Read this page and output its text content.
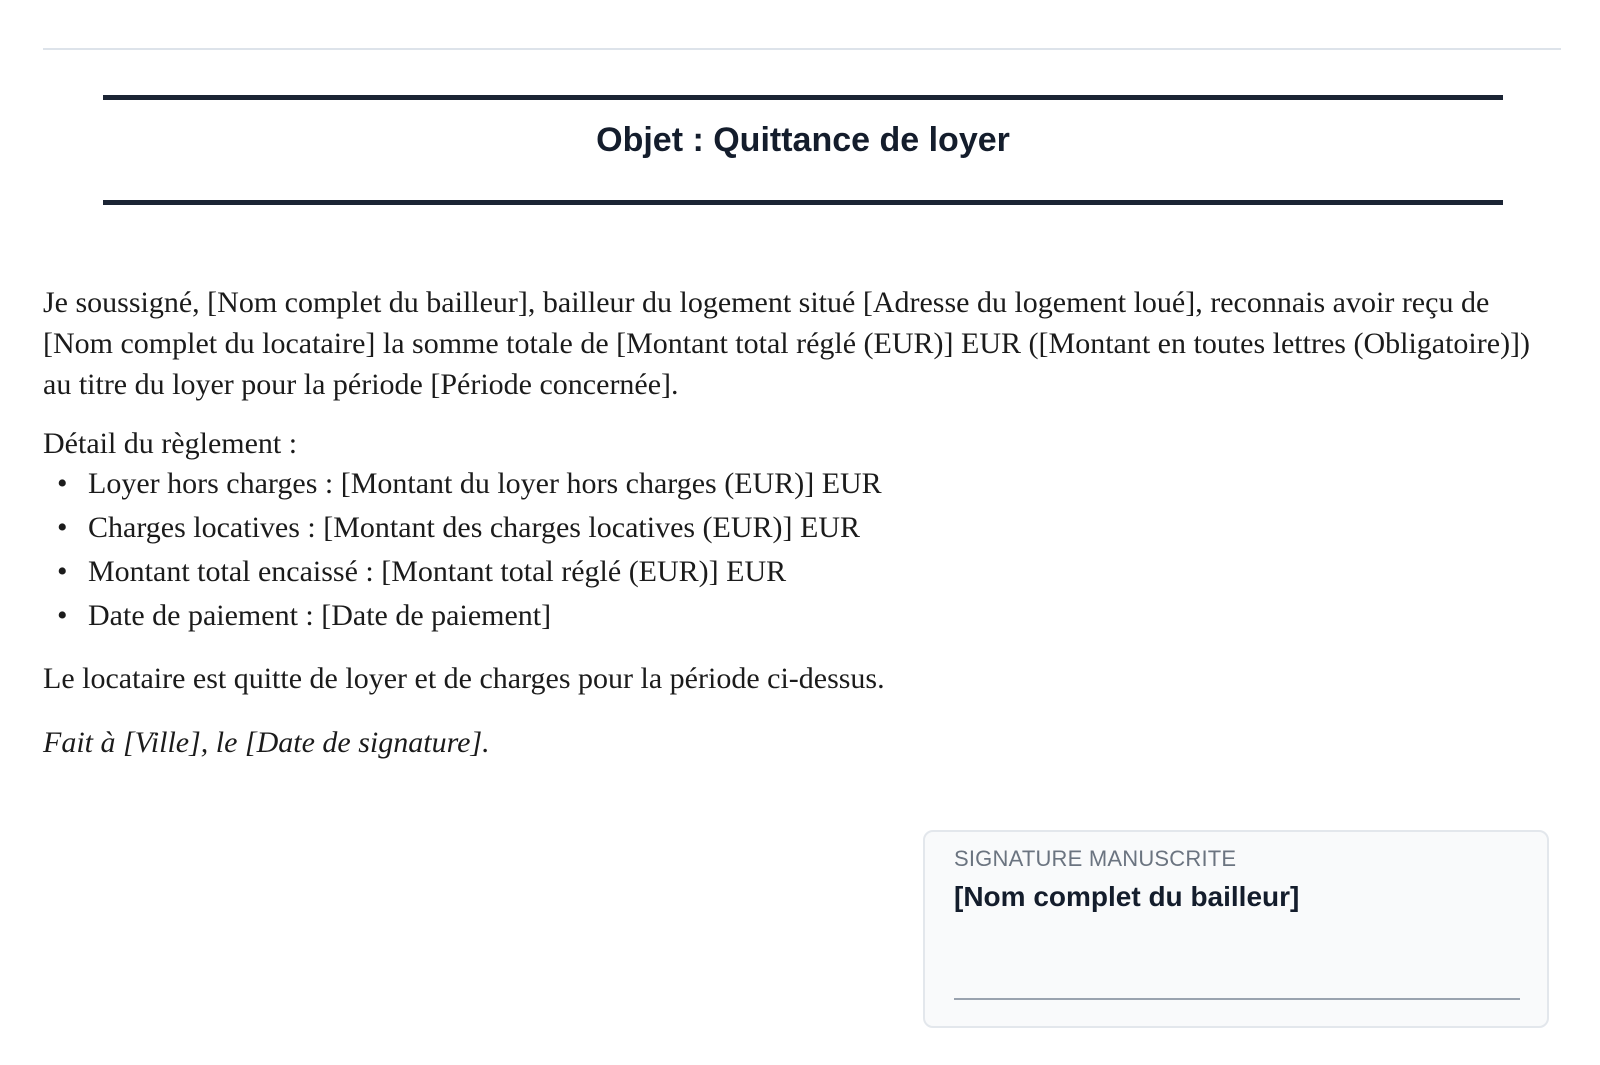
Objet : Quittance de loyer

Je soussigné, [Nom complet du bailleur], bailleur du logement situé [Adresse du logement loué], reconnais avoir reçu de [Nom complet du locataire] la somme totale de [Montant total réglé (EUR)] EUR ([Montant en toutes lettres (Obligatoire)]) au titre du loyer pour la période [Période concernée].

Détail du règlement :

• Loyer hors charges : [Montant du loyer hors charges (EUR)] EUR
• Charges locatives : [Montant des charges locatives (EUR)] EUR
• Montant total encaissé : [Montant total réglé (EUR)] EUR
• Date de paiement : [Date de paiement]

Le locataire est quitte de loyer et de charges pour la période ci-dessus.

Fait à [Ville], le [Date de signature].

SIGNATURE MANUSCRITE
[Nom complet du bailleur]
